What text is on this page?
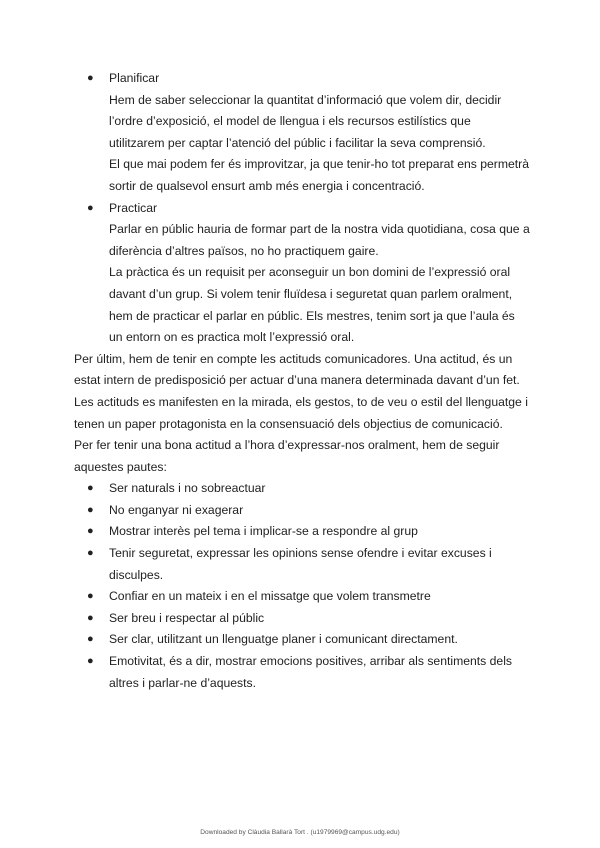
● Planificar
Hem de saber seleccionar la quantitat d’informació que volem dir, decidir
l’ordre d’exposició, el model de llengua i els recursos estilístics que
utilitzarem per captar l’atenció del públic i facilitar la seva comprensió.
El que mai podem fer és improvitzar, ja que tenir-ho tot preparat ens permetrà
sortir de qualsevol ensurt amb més energia i concentració.
● Practicar
Parlar en públic hauria de formar part de la nostra vida quotidiana, cosa que a
diferència d’altres països, no ho practiquem gaire.
La pràctica és un requisit per aconseguir un bon domini de l’expressió oral
davant d’un grup. Si volem tenir fluïdesa i seguretat quan parlem oralment,
hem de practicar el parlar en públic. Els mestres, tenim sort ja que l’aula és
un entorn on es practica molt l’expressió oral.
Per últim, hem de tenir en compte les actituds comunicadores. Una actitud, és un
estat intern de predisposició per actuar d’una manera determinada davant d’un fet.
Les actituds es manifesten en la mirada, els gestos, to de veu o estil del llenguatge i
tenen un paper protagonista en la consensuació dels objectius de comunicació.
Per fer tenir una bona actitud a l’hora d’expressar-nos oralment, hem de seguir
aquestes pautes:
● Ser naturals i no sobreactuar
● No enganyar ni exagerar
● Mostrar interès pel tema i implicar-se a respondre al grup
● Tenir seguretat, expressar les opinions sense ofendre i evitar excuses i
disculpes.
● Confiar en un mateix i en el missatge que volem transmetre
● Ser breu i respectar al públic
● Ser clar, utilitzant un llenguatge planer i comunicant directament.
● Emotivitat, és a dir, mostrar emocions positives, arribar als sentiments dels
altres i parlar-ne d’aquests.
Downloaded by Clàudia Ballarà Tort . (u1979969@campus.udg.edu)
